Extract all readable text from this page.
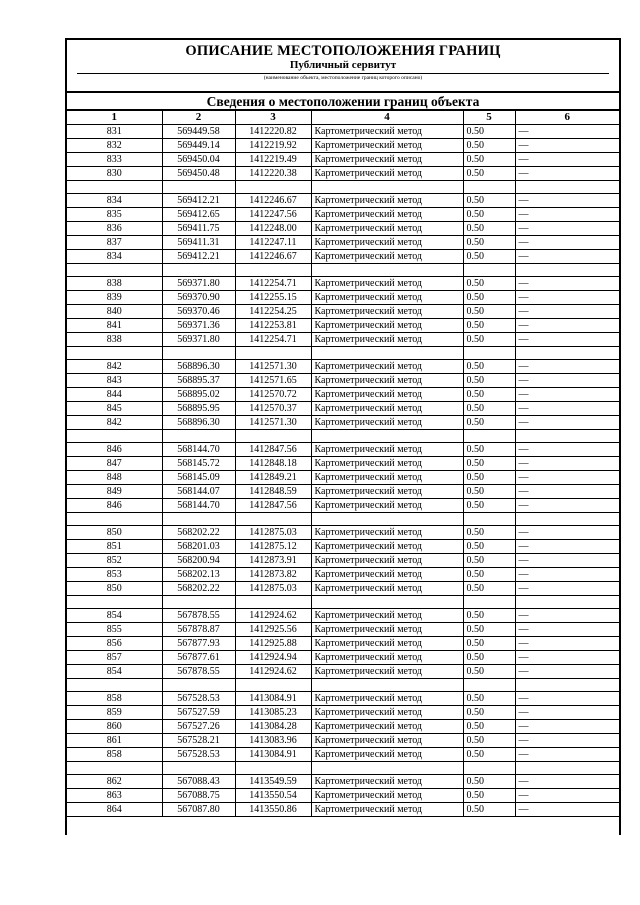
ОПИСАНИЕ МЕСТОПОЛОЖЕНИЯ ГРАНИЦ
Публичный сервитут
(наименование объекта, местоположение границ которого описано)
Сведения о местоположении границ объекта
1	2	3	4	5	6
831	569449.58	1412220.82	Картометрический метод	0.50	—
832	569449.14	1412219.92	Картометрический метод	0.50	—
833	569450.04	1412219.49	Картометрический метод	0.50	—
830	569450.48	1412220.38	Картометрический метод	0.50	—

834	569412.21	1412246.67	Картометрический метод	0.50	—
835	569412.65	1412247.56	Картометрический метод	0.50	—
836	569411.75	1412248.00	Картометрический метод	0.50	—
837	569411.31	1412247.11	Картометрический метод	0.50	—
834	569412.21	1412246.67	Картометрический метод	0.50	—

838	569371.80	1412254.71	Картометрический метод	0.50	—
839	569370.90	1412255.15	Картометрический метод	0.50	—
840	569370.46	1412254.25	Картометрический метод	0.50	—
841	569371.36	1412253.81	Картометрический метод	0.50	—
838	569371.80	1412254.71	Картометрический метод	0.50	—

842	568896.30	1412571.30	Картометрический метод	0.50	—
843	568895.37	1412571.65	Картометрический метод	0.50	—
844	568895.02	1412570.72	Картометрический метод	0.50	—
845	568895.95	1412570.37	Картометрический метод	0.50	—
842	568896.30	1412571.30	Картометрический метод	0.50	—

846	568144.70	1412847.56	Картометрический метод	0.50	—
847	568145.72	1412848.18	Картометрический метод	0.50	—
848	568145.09	1412849.21	Картометрический метод	0.50	—
849	568144.07	1412848.59	Картометрический метод	0.50	—
846	568144.70	1412847.56	Картометрический метод	0.50	—

850	568202.22	1412875.03	Картометрический метод	0.50	—
851	568201.03	1412875.12	Картометрический метод	0.50	—
852	568200.94	1412873.91	Картометрический метод	0.50	—
853	568202.13	1412873.82	Картометрический метод	0.50	—
850	568202.22	1412875.03	Картометрический метод	0.50	—

854	567878.55	1412924.62	Картометрический метод	0.50	—
855	567878.87	1412925.56	Картометрический метод	0.50	—
856	567877.93	1412925.88	Картометрический метод	0.50	—
857	567877.61	1412924.94	Картометрический метод	0.50	—
854	567878.55	1412924.62	Картометрический метод	0.50	—

858	567528.53	1413084.91	Картометрический метод	0.50	—
859	567527.59	1413085.23	Картометрический метод	0.50	—
860	567527.26	1413084.28	Картометрический метод	0.50	—
861	567528.21	1413083.96	Картометрический метод	0.50	—
858	567528.53	1413084.91	Картометрический метод	0.50	—

862	567088.43	1413549.59	Картометрический метод	0.50	—
863	567088.75	1413550.54	Картометрический метод	0.50	—
864	567087.80	1413550.86	Картометрический метод	0.50	—
